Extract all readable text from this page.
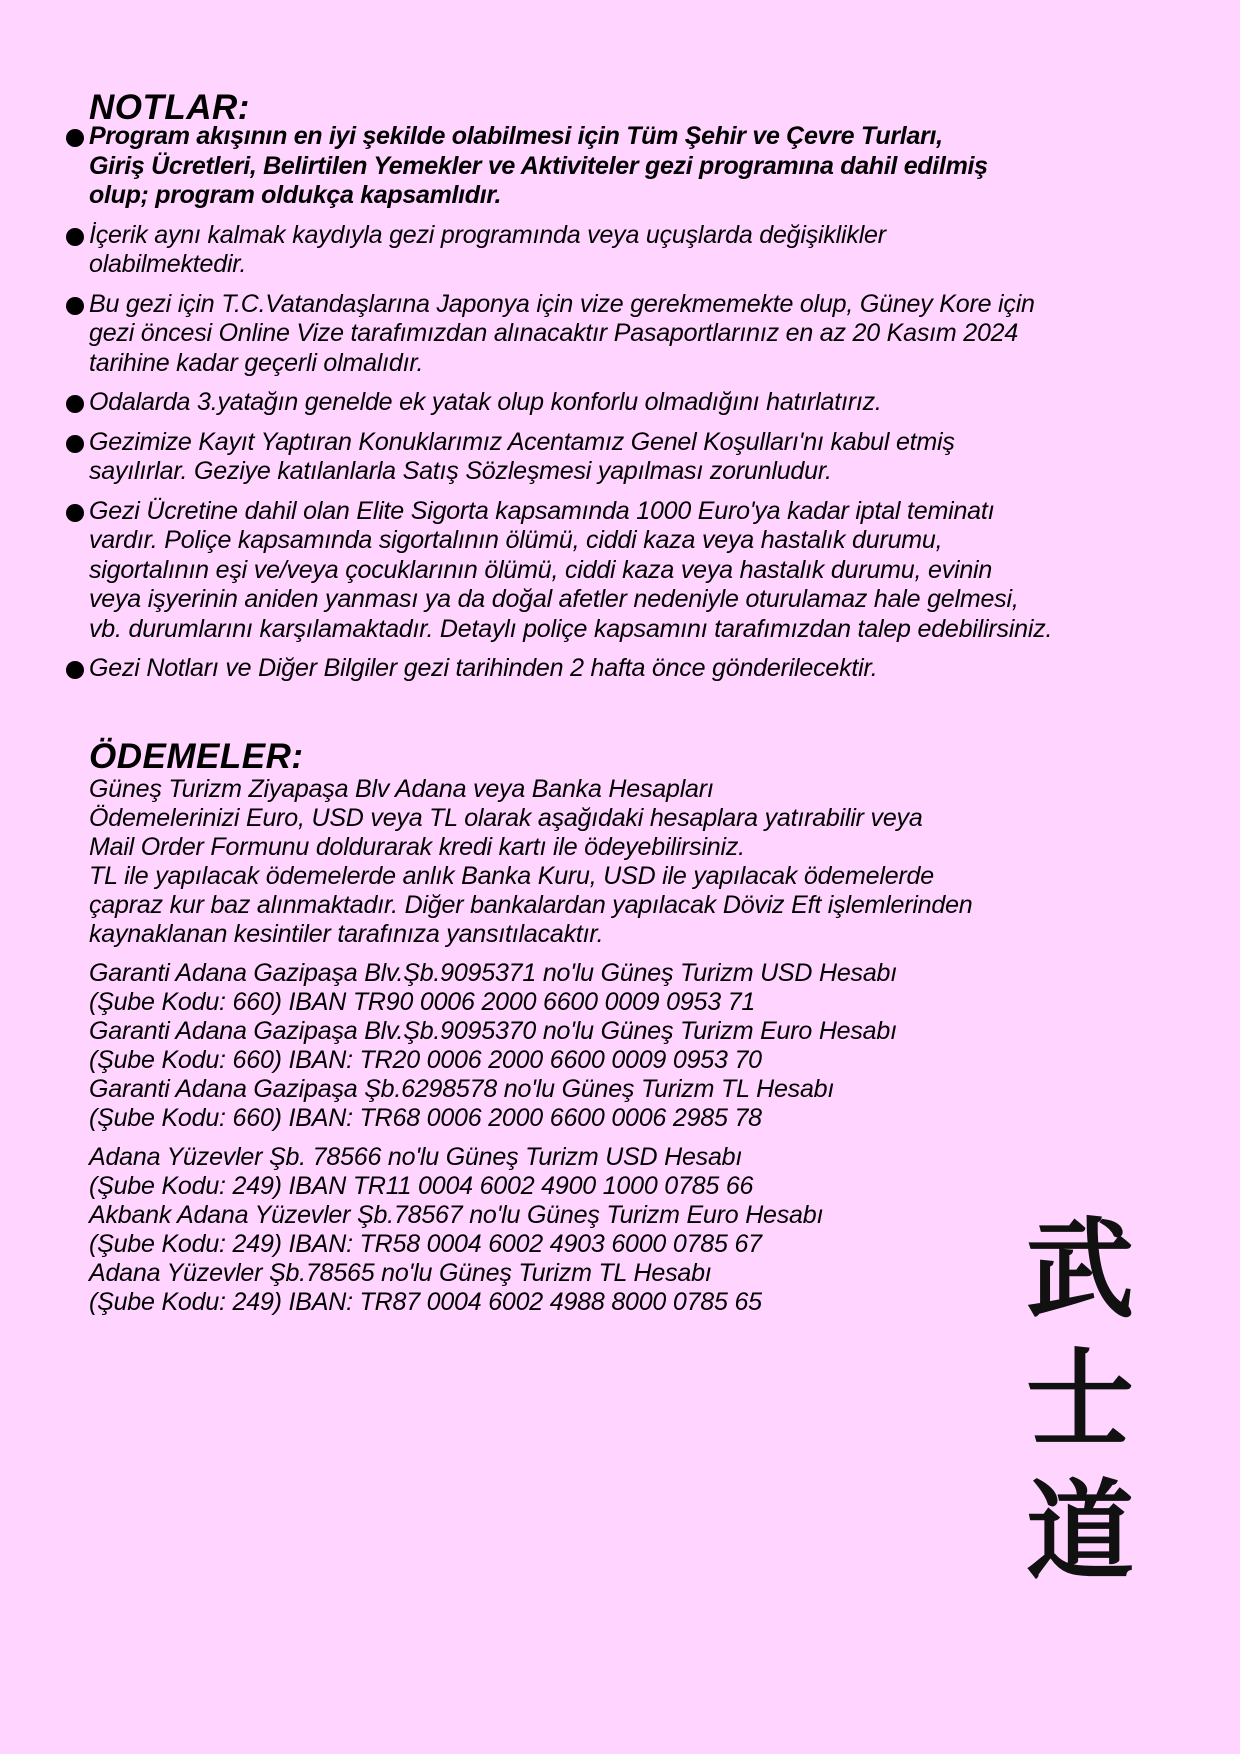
NOTLAR:
Program akışının en iyi şekilde olabilmesi için Tüm Şehir ve Çevre Turları,
Giriş Ücretleri, Belirtilen Yemekler ve Aktiviteler gezi programına dahil edilmiş
olup; program oldukça kapsamlıdır.
İçerik aynı kalmak kaydıyla gezi programında veya uçuşlarda değişiklikler
olabilmektedir.
Bu gezi için T.C.Vatandaşlarına Japonya için vize gerekmemekte olup, Güney Kore için
gezi öncesi Online Vize tarafımızdan alınacaktır Pasaportlarınız en az 20 Kasım 2024
tarihine kadar geçerli olmalıdır.
Odalarda 3.yatağın genelde ek yatak olup konforlu olmadığını hatırlatırız.
Gezimize Kayıt Yaptıran Konuklarımız Acentamız Genel Koşulları'nı kabul etmiş
sayılırlar. Geziye katılanlarla Satış Sözleşmesi yapılması zorunludur.
Gezi Ücretine dahil olan Elite Sigorta kapsamında 1000 Euro'ya kadar iptal teminatı
vardır. Poliçe kapsamında sigortalının ölümü, ciddi kaza veya hastalık durumu,
sigortalının eşi ve/veya çocuklarının ölümü, ciddi kaza veya hastalık durumu, evinin
veya işyerinin aniden yanması ya da doğal afetler nedeniyle oturulamaz hale gelmesi,
vb. durumlarını karşılamaktadır. Detaylı poliçe kapsamını tarafımızdan talep edebilirsiniz.
Gezi Notları ve Diğer Bilgiler gezi tarihinden 2 hafta önce gönderilecektir.
ÖDEMELER:

Güneş Turizm Ziyapaşa Blv Adana veya Banka Hesapları

Ödemelerinizi Euro, USD veya TL olarak aşağıdaki hesaplara yatırabilir veya

Mail Order Formunu doldurarak kredi kartı ile ödeyebilirsiniz.

TL ile yapılacak ödemelerde anlık Banka Kuru, USD ile yapılacak ödemelerde

çapraz kur baz alınmaktadır. Diğer bankalardan yapılacak Döviz Eft işlemlerinden

kaynaklanan kesintiler tarafınıza yansıtılacaktır.

Garanti Adana Gazipaşa Blv.Şb.9095371 no'lu Güneş Turizm USD Hesabı

(Şube Kodu: 660) IBAN TR90 0006 2000 6600 0009 0953 71

Garanti Adana Gazipaşa Blv.Şb.9095370 no'lu Güneş Turizm Euro Hesabı

(Şube Kodu: 660) IBAN: TR20 0006 2000 6600 0009 0953 70

Garanti Adana Gazipaşa Şb.6298578 no'lu Güneş Turizm TL Hesabı

(Şube Kodu: 660) IBAN: TR68 0006 2000 6600 0006 2985 78

Adana Yüzevler Şb. 78566 no'lu Güneş Turizm USD Hesabı

(Şube Kodu: 249) IBAN TR11 0004 6002 4900 1000 0785 66

Akbank Adana Yüzevler Şb.78567 no'lu Güneş Turizm Euro Hesabı

(Şube Kodu: 249) IBAN: TR58 0004 6002 4903 6000 0785 67

Adana Yüzevler Şb.78565 no'lu Güneş Turizm TL Hesabı

(Şube Kodu: 249) IBAN: TR87 0004 6002 4988 8000 0785 65	武
士
道
